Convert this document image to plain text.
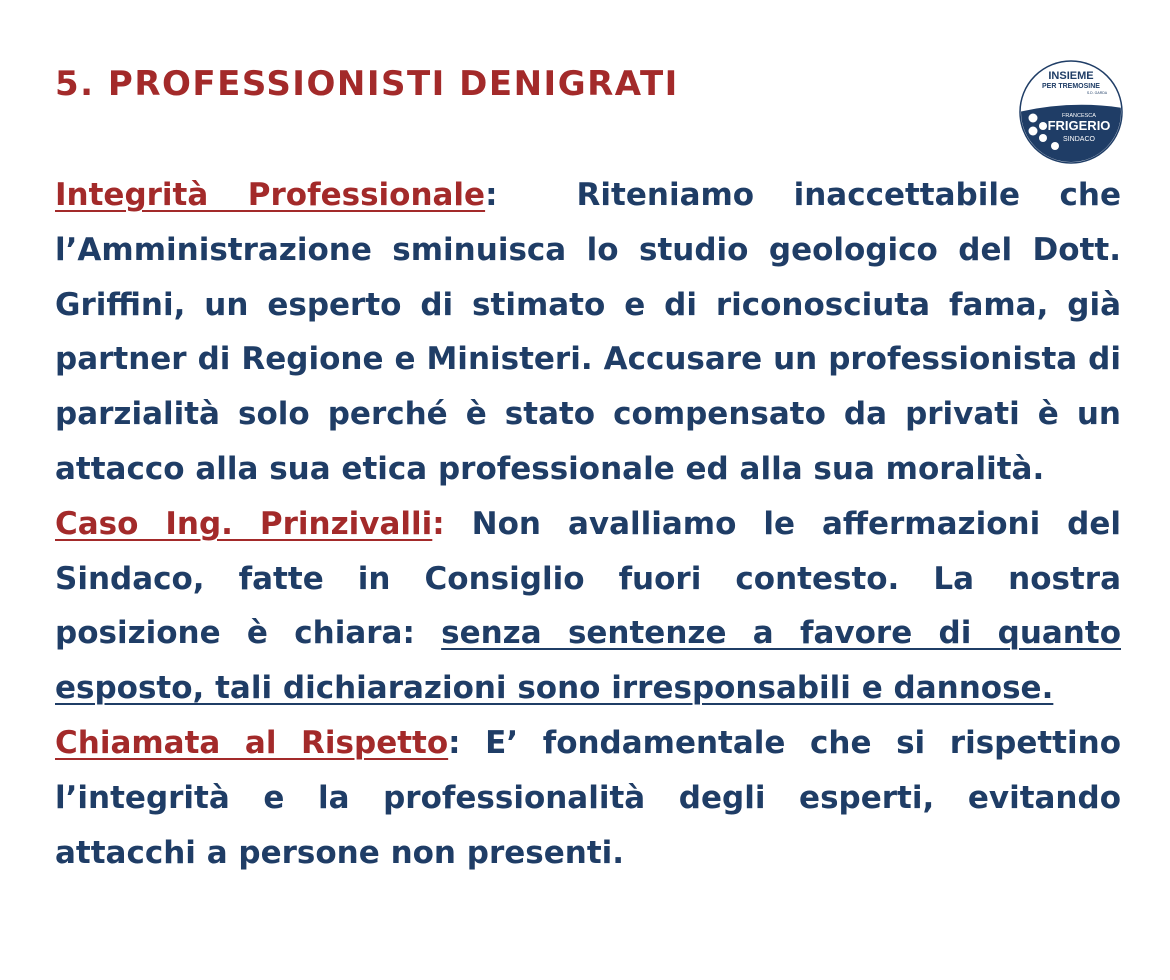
5. PROFESSIONISTI DENIGRATI	INSIEME
PER TREMOSINE
S.D. GARDA
FRANCESCA
FRIGERIO
SINDACO

Integrità Professionale:  Riteniamo inaccettabile che l’Amministrazione sminuisca lo studio geologico del Dott. Griffini, un esperto di stimato e di riconosciuta fama, già partner di Regione e Ministeri. Accusare un professionista di parzialità solo perché è stato compensato da privati è un attacco alla sua etica professionale ed alla sua moralità.

Caso Ing. Prinzivalli: Non avalliamo le affermazioni del Sindaco, fatte in Consiglio fuori contesto. La nostra posizione è chiara: senza sentenze a favore di quanto esposto, tali dichiarazioni sono irresponsabili e dannose.

Chiamata al Rispetto: E’ fondamentale che si rispettino l’integrità e la professionalità degli esperti, evitando attacchi a persone non presenti.
